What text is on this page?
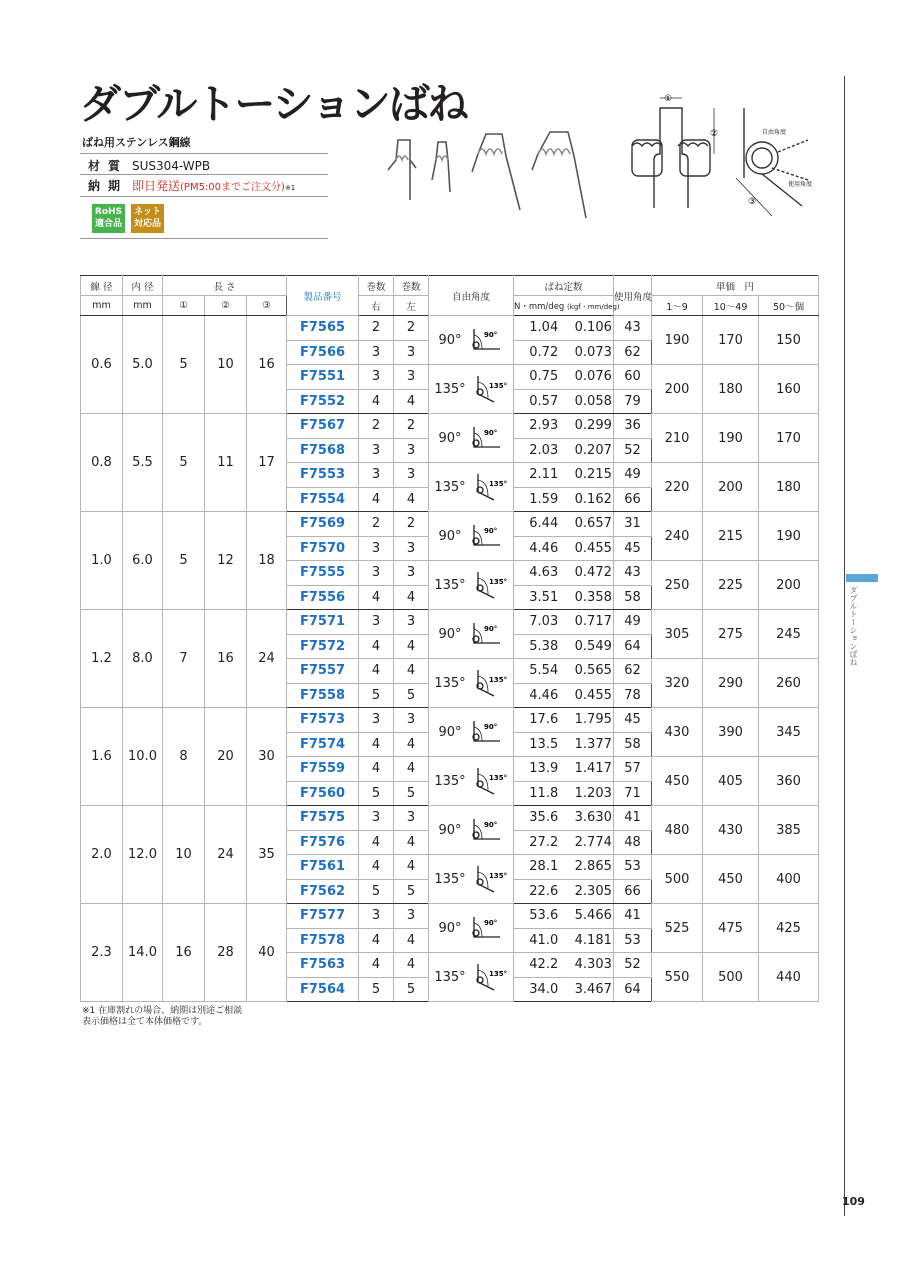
ダブルトーションばね
ばね用ステンレス鋼線
材質 SUS304-WPB
納期 即日発送 (PM5:00までご注文分)$_{※1}$
RoHS
適合品
ネット
対応品
①
②
③
自由角度
使用角度
ダブルトーションばね
109
線 径	内 径	長 さ			製品番号	巻数	巻数	自由角度	ばね定数		使用角度	単価　円		
mm	mm	①	②	③		右	左		N・mm/deg (kgf・mm/deg)			1〜9	10〜49	50〜個
0.6	5.0	5	10	16	F7565	2	2	90° 90°	1.04	0.106	43	190	170	150
					F7566	3	3		0.72	0.073	62			
					F7551	3	3	135° 135°	0.75	0.076	60	200	180	160
					F7552	4	4		0.57	0.058	79			
0.8	5.5	5	11	17	F7567	2	2	90° 90°	2.93	0.299	36	210	190	170
					F7568	3	3		2.03	0.207	52			
					F7553	3	3	135° 135°	2.11	0.215	49	220	200	180
					F7554	4	4		1.59	0.162	66			
1.0	6.0	5	12	18	F7569	2	2	90° 90°	6.44	0.657	31	240	215	190
					F7570	3	3		4.46	0.455	45			
					F7555	3	3	135° 135°	4.63	0.472	43	250	225	200
					F7556	4	4		3.51	0.358	58			
1.2	8.0	7	16	24	F7571	3	3	90° 90°	7.03	0.717	49	305	275	245
					F7572	4	4		5.38	0.549	64			
					F7557	4	4	135° 135°	5.54	0.565	62	320	290	260
					F7558	5	5		4.46	0.455	78			
1.6	10.0	8	20	30	F7573	3	3	90° 90°	17.6	1.795	45	430	390	345
					F7574	4	4		13.5	1.377	58			
					F7559	4	4	135° 135°	13.9	1.417	57	450	405	360
					F7560	5	5		11.8	1.203	71			
2.0	12.0	10	24	35	F7575	3	3	90° 90°	35.6	3.630	41	480	430	385
					F7576	4	4		27.2	2.774	48			
					F7561	4	4	135° 135°	28.1	2.865	53	500	450	400
					F7562	5	5		22.6	2.305	66			
2.3	14.0	16	28	40	F7577	3	3	90° 90°	53.6	5.466	41	525	475	425
					F7578	4	4		41.0	4.181	53			
					F7563	4	4	135° 135°	42.2	4.303	52	550	500	440
					F7564	5	5		34.0	3.467	64			
※1 在庫割れの場合、納期は別途ご相談
表示価格は全て本体価格です。
